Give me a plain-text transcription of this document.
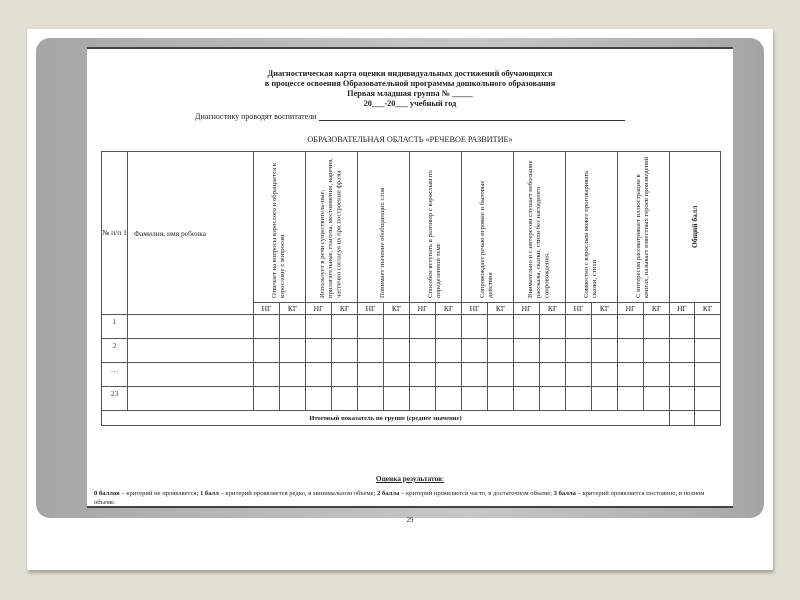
Диагностическая карта оценки индивидуальных достижений обучающихся
в процессе освоения Образовательной программы дошкольного образования
Первая младшая группа № _____
20___-20___ учебный год
Диагностику проводят воспитатели
ОБРАЗОВАТЕЛЬНАЯ ОБЛАСТЬ «РЕЧЕВОЕ РАЗВИТИЕ»
№ п/п 1	Фамилия, имя ребенка	Отвечает на вопросы взрослого и обращается к взрослому с вопросом		Использует в речи существитель-ные, прилагательные, глаголы, местоимения, наречия, частично согласуя их при построении фразы		Понимает значение обобщающих слов		Способен вступать в разговор с взрослым по определенной теме		Сопровождает речью игровые и бытовые действия		Внимательно и с интересом слушает небольшие рассказы, сказки, стихи без наглядного сопровождения.		Совместно с взрослым может проговаривать сказки, стихи		С интересом рассматривает иллюстрации в книгах, называет известных героев произведений		Общий балл	

		НГ	КГ	НГ	КГ	НГ	КГ	НГ	КГ	НГ	КГ	НГ	КГ	НГ	КГ	НГ	КГ	НГ	КГ
1																			
2																			
…																			
23																			
Итоговый показатель по группе (среднее значение)																			
Оценка результатов:
0 баллов – критерий не проявляется; 1 балл – критерий проявляется редко, в минимальном объеме; 2 балла – критерий проявляется часто, в достаточном объеме; 3 балла – критерий проявляется постоянно, в полном объеме.
29
